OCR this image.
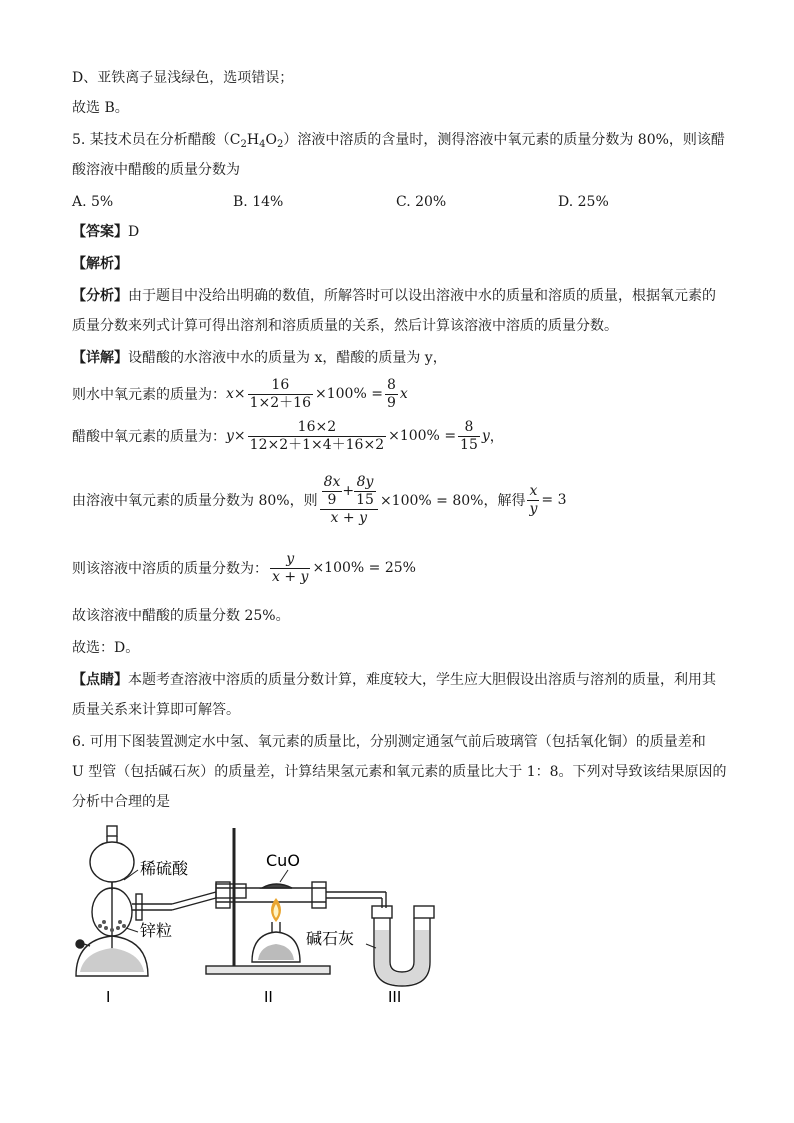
D、亚铁离子显浅绿色，选项错误；
故选 B。
5. 某技术员在分析醋酸$(C_2H_4O_2)$溶液中溶质的含量时，测得溶液中氧元素的质量分数为 80%，则该醋
酸溶液中醋酸的质量分数为
A. 5%	B. 14%	C. 20%	D. 25%
【答案】D
【解析】
【分析】由于题目中没给出明确的数值，所解答时可以设出溶液中水的质量和溶质的质量，根据氧元素的
质量分数来列式计算可得出溶剂和溶质质量的关系，然后计算该溶液中溶质的质量分数。
【详解】设醋酸的水溶液中水的质量为 x，醋酸的质量为 y，
则水中氧元素的质量为： $x \times \frac{16}{1\times 2+16} \times 100\% = \frac{8}{9}$ x
醋酸中氧元素的质量为： $y \times \frac{16\times 2}{12\times 2+1\times 4+16\times 2} \times 100\% = \frac{8}{15}$ y ，
由溶液中氧元素的质量分数为 80%，则 $\frac{\frac{8x}{9} + \frac{8y}{15}}{x + y} \times 100\% = 80\%$，解得 $\frac{x}{y} = 3$
则该溶液中溶质的质量分数为： $\frac{y}{x + y} \times 100\% = 25\%$
故该溶液中醋酸的质量分数 25%。
故选：D。
【点睛】本题考查溶液中溶质的质量分数计算，难度较大，学生应大胆假设出溶质与溶剂的质量，利用其
质量关系来计算即可解答。
6. 可用下图装置测定水中氢、氧元素的质量比，分别测定通氢气前后玻璃管（包括氧化铜）的质量差和
U 型管（包括碱石灰）的质量差，计算结果氢元素和氧元素的质量比大于 1：8。下列对导致该结果原因的
分析中合理的是
稀硫酸
锌粒
CuO
碱石灰
I	II	III
